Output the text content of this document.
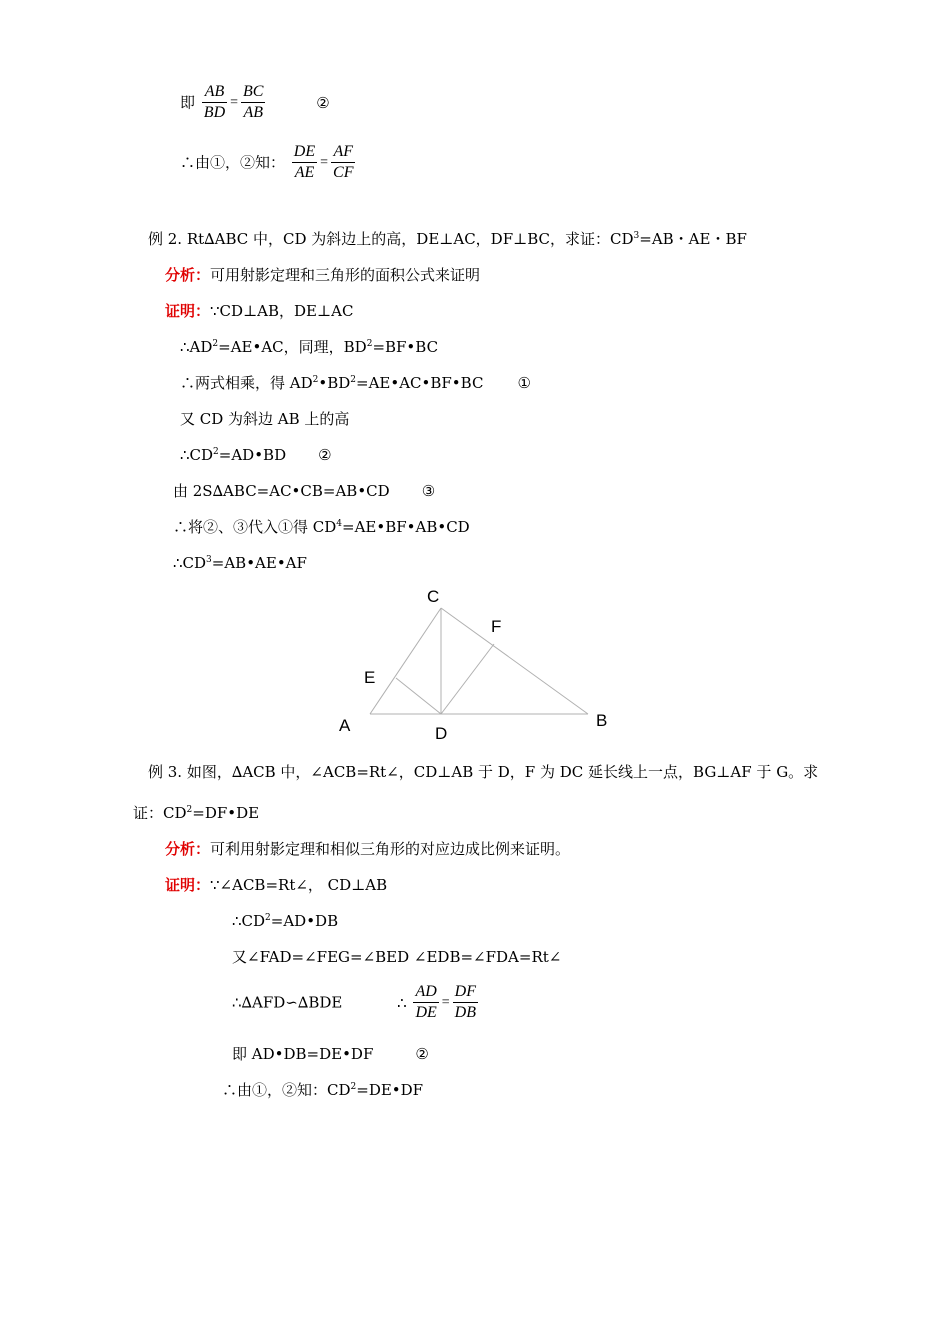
即 $\frac{AB}{BD} = \frac{BC}{AB}$	②
∴由①，②知： $\frac{DE}{AE} = \frac{AF}{CF}$
例 2. Rt∆ABC 中，CD 为斜边上的高，DE⊥AC，DF⊥BC，求证：$CD^3=AB$・AE・BF
分析：可用射影定理和三角形的面积公式来证明
证明：∵CD⊥AB，DE⊥AC
$\therefore AD^2=AE•AC$，同理，$BD^2=BF•BC$
∴两式相乘，得 $AD^2•BD^2=AE•AC•BF•BC$ ①
又 CD 为斜边 AB 上的高
$\therefore CD^2=AD•BD$ ②
由 2S∆ABC=AC•CB=AB•CD ③
∴将②、③代入①得 $CD^4=AE•BF•AB•CD$
$\therefore CD^3=AB•AE•AF$
C
F
E
A	D
B
例 3. 如图，∆ACB 中，∠ACB=Rt∠，CD⊥AB 于 D，F 为 DC 延长线上一点，BG⊥AF 于 G。求
证：$CD^2=DF•DE$
分析：可利用射影定理和相似三角形的对应边成比例来证明。
证明：∵∠ACB=Rt∠， CD⊥AB
$\therefore CD^2=AD•DB$
又∠FAD=∠FEG=∠BED ∠EDB=∠FDA=Rt∠
∴∆AFD∽∆BDE	∴ $\frac{AD}{DE} = \frac{DF}{DB}$
即 AD•DB=DE•DF	②
∴由①，②知：$CD^2=DE•DF$
